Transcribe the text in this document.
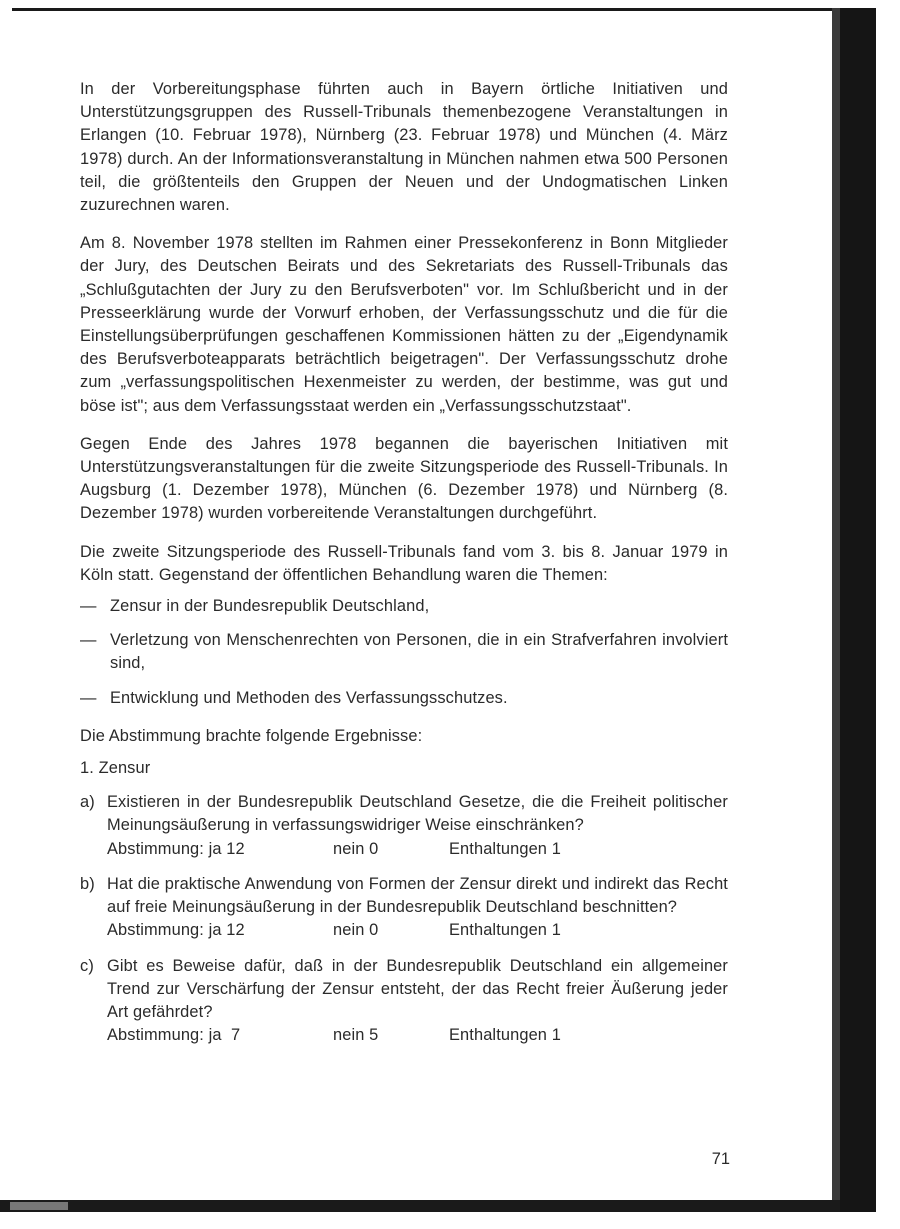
In der Vorbereitungsphase führten auch in Bayern örtliche Initiativen und Unterstützungsgruppen des Russell-Tribunals themenbezogene Veranstaltungen in Erlangen (10. Februar 1978), Nürnberg (23. Februar 1978) und München (4. März 1978) durch. An der Informationsveranstaltung in München nahmen etwa 500 Personen teil, die größtenteils den Gruppen der Neuen und der Undogmatischen Linken zuzurechnen waren.

Am 8. November 1978 stellten im Rahmen einer Pressekonferenz in Bonn Mitglieder der Jury, des Deutschen Beirats und des Sekretariats des Russell-Tribunals das „Schlußgutachten der Jury zu den Berufsverboten" vor. Im Schlußbericht und in der Presseerklärung wurde der Vorwurf erhoben, der Verfassungsschutz und die für die Einstellungsüberprüfungen geschaffenen Kommissionen hätten zu der „Eigendynamik des Berufsverboteapparats beträchtlich beigetragen". Der Verfassungsschutz drohe zum „verfassungspolitischen Hexenmeister zu werden, der bestimme, was gut und böse ist"; aus dem Verfassungsstaat werden ein „Verfassungsschutzstaat".

Gegen Ende des Jahres 1978 begannen die bayerischen Initiativen mit Unterstützungsveranstaltungen für die zweite Sitzungsperiode des Russell-Tribunals. In Augsburg (1. Dezember 1978), München (6. Dezember 1978) und Nürnberg (8. Dezember 1978) wurden vorbereitende Veranstaltungen durchgeführt.

Die zweite Sitzungsperiode des Russell-Tribunals fand vom 3. bis 8. Januar 1979 in Köln statt. Gegenstand der öffentlichen Behandlung waren die Themen:

— Zensur in der Bundesrepublik Deutschland,
— Verletzung von Menschenrechten von Personen, die in ein Strafverfahren involviert sind,
— Entwicklung und Methoden des Verfassungsschutzes.

Die Abstimmung brachte folgende Ergebnisse:

1. Zensur

a) Existieren in der Bundesrepublik Deutschland Gesetze, die die Freiheit politischer Meinungsäußerung in verfassungswidriger Weise einschränken?
Abstimmung: ja 12	nein 0	Enthaltungen 1
b) Hat die praktische Anwendung von Formen der Zensur direkt und indirekt das Recht auf freie Meinungsäußerung in der Bundesrepublik Deutschland beschnitten?
Abstimmung: ja 12	nein 0	Enthaltungen 1
c) Gibt es Beweise dafür, daß in der Bundesrepublik Deutschland ein allgemeiner Trend zur Verschärfung der Zensur entsteht, der das Recht freier Äußerung jeder Art gefährdet?
Abstimmung: ja  7	nein 5	Enthaltungen 1
71
